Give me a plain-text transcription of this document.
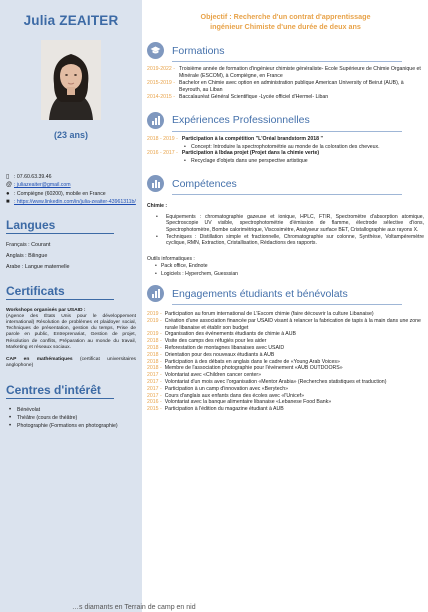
Julia ZEAITER
(23 ans)
▯ : 07.60.63.39.46
@ : juliazeaiter@gmail.com
● : Compiègne (60200), mobile en France
■ : https://www.linkedin.com/in/julia-zeaiter-43961311b/
Langues
Français : Courant
Anglais : Bilingue
Arabe : Langue maternelle
Certificats
Workshops organisés par USAID :
(Agence des États Unis pour le développement international) Résolution de problèmes et plaidoyer social, Techniques de présentation, gestion du temps, Prise de parole en public, Entreprenariat, Gestion de projet, Résolution de conflits, Préparation au monde du travail, Marketing et réseaux sociaux.
CAP en mathématiques (certificat universitaires anglophone)
Centres d'intérêt
• Bénévolat
• Théâtre (cours de théâtre)
• Photographie (Formations en photographie)
Objectif : Recherche d'un contrat d'apprentissage
ingénieur Chimiste d'une durée de deux ans
Formations
2019-2022 - Troisième année de formation d'ingénieur chimiste généraliste- Ecole Supérieure de Chimie Organique et Minérale (ESCOM), à Compiègne, en France
2015-2019 - Bachelor en Chimie avec option en administration publique American University of Beirut (AUB), à Beyrouth, au Liban
2014-2015 - Baccalauréat Général Scientifique -Lycée officiel d'Hermel- Liban
Expériences Professionnelles
2018 - 2019 - Participation à la compétition "L'Oréal brandstorm 2018 "
• Concept: Introduire la spectrophotométrie au monde de la coloration des cheveux.
2016 - 2017 - Participation à Ibdaa projet (Projet dans la chimie verte)
• Recyclage d'objets dans une perspective artistique
Compétences
Chimie :
• Equipements : chromatographie gazeuse et ionique, HPLC, FTIR, Spectromètre d'absorption atomique, Spectroscopie UV visible, spectrophotométrie d'émission de flamme, électrode sélective d'ions, Spectrophotomètre, Bombe calorimétrique, Viscosimètre, Analyseur surface BET, Cristallographie aux rayons X.
• Techniques : Distillation simple et fractionnelle, Chromatographie sur colonne, Synthèse, Voltampéremètre cyclique, RMN, Extraction, Cristallisation, Rédactions des rapports.
Outils informatiques :
• Pack office, Endnote
• Logiciels : Hyperchem, Guesssian
Engagements étudiants et bénévolats
2019 - Participation au forum international de L'Escom chimie (faire découvrir la culture Libanaise)
2019 - Création d'une association financée par USAID visant à relancer la fabrication de tapis à la main dans une zone rurale libanaise et établir son budget
2019 - Organisation des événements étudiants de chimie à AUB
2018 - Visite des camps des réfugiés pour les aider
2018 - Reforestation de montagnes libanaises avec USAID
2018 - Orientation pour des nouveaux étudiants à AUB
2018 - Participation à des débats en anglais dans le cadre de «Young Arab Voices»
2018 - Membre de l'association photographie pour l'événement «AUB OUTDOORS»
2017 - Volontariat avec «Children cancer center»
2017 - Volontariat d'un mois avec l'organisation «Mentor Arabia» (Recherches statistiques et traduction)
2017 - Participation à un camp d'innovation avec «Berytech»
2017 - Cours d'anglais aux enfants dans des écoles avec «l'Unicef»
2016 - Volontariat avec la banque alimentaire libanaise «Lebanese Food Bank»
2015 - Participation à l'édition du magazine étudiant à AUB
…s diamants en Terrain de camp en nid
